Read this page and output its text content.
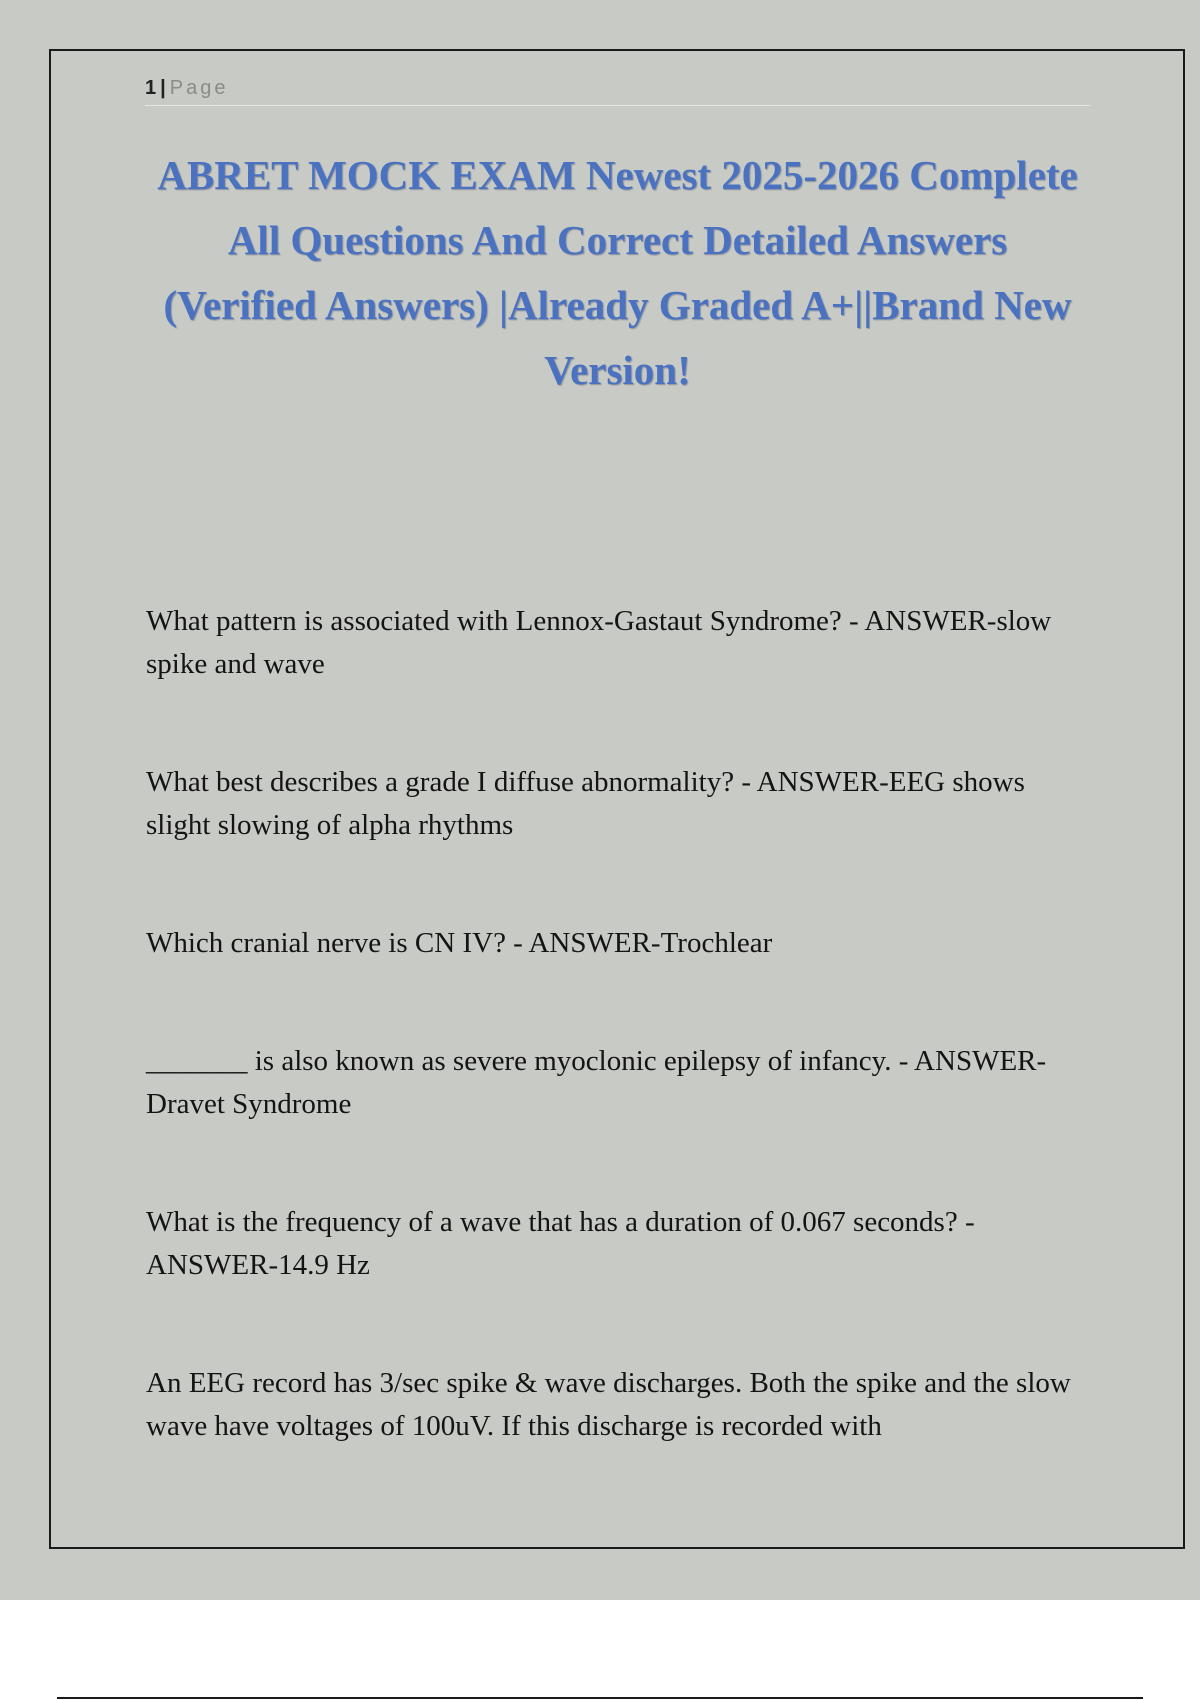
1 | Page
ABRET MOCK EXAM Newest 2025-2026 Complete All Questions And Correct Detailed Answers (Verified Answers) |Already Graded A+||Brand New Version!
What pattern is associated with Lennox-Gastaut Syndrome? - ANSWER-slow spike and wave
What best describes a grade I diffuse abnormality? - ANSWER-EEG shows slight slowing of alpha rhythms
Which cranial nerve is CN IV? - ANSWER-Trochlear
_______ is also known as severe myoclonic epilepsy of infancy. - ANSWER-Dravet Syndrome
What is the frequency of a wave that has a duration of 0.067 seconds? - ANSWER-14.9 Hz
An EEG record has 3/sec spike & wave discharges. Both the spike and the slow wave have voltages of 100uV. If this discharge is recorded with
